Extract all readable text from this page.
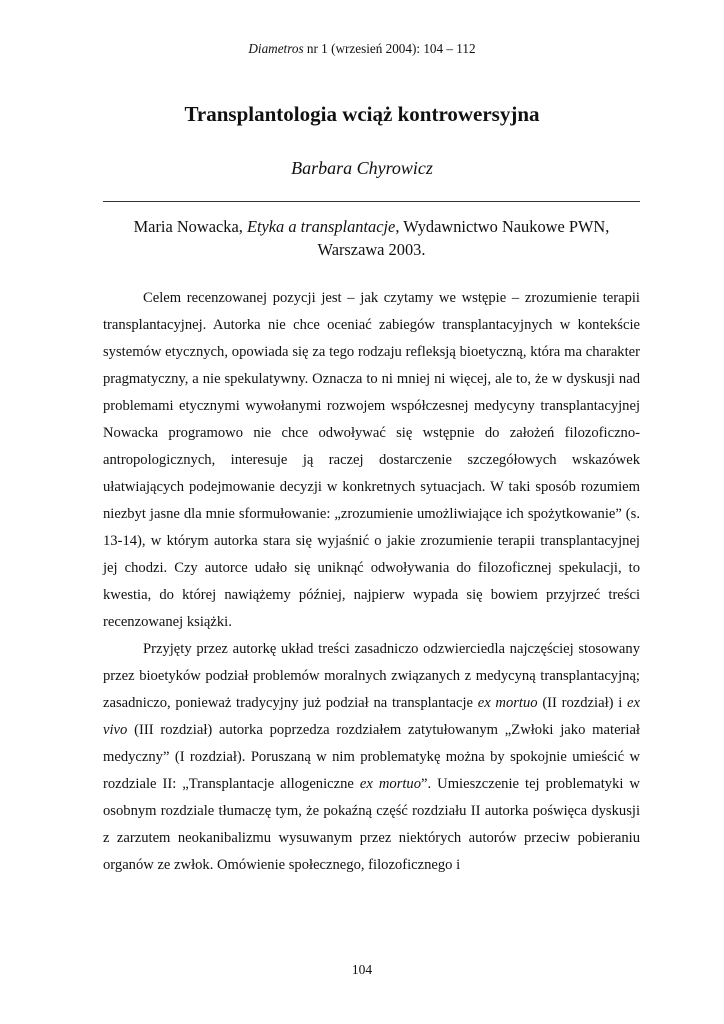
Diametros nr 1 (wrzesień 2004): 104 – 112
Transplantologia wciąż kontrowersyjna
Barbara Chyrowicz
Maria Nowacka, Etyka a transplantacje, Wydawnictwo Naukowe PWN,
Warszawa 2003.

Celem recenzowanej pozycji jest – jak czytamy we wstępie – zrozumienie terapii transplantacyjnej. Autorka nie chce oceniać zabiegów transplantacyjnych w kontekście systemów etycznych, opowiada się za tego rodzaju refleksją bioetyczną, która ma charakter pragmatyczny, a nie spekulatywny. Oznacza to ni mniej ni więcej, ale to, że w dyskusji nad problemami etycznymi wywołanymi rozwojem współczesnej medycyny transplantacyjnej Nowacka programowo nie chce odwoływać się wstępnie do założeń filozoficzno-antropologicznych, interesuje ją raczej dostarczenie szczegółowych wskazówek ułatwiających podejmowanie decyzji w konkretnych sytuacjach. W taki sposób rozumiem niezbyt jasne dla mnie sformułowanie: „zrozumienie umożliwiające ich spożytkowanie” (s. 13-14), w którym autorka stara się wyjaśnić o jakie zrozumienie terapii transplantacyjnej jej chodzi. Czy autorce udało się uniknąć odwoływania do filozoficznej spekulacji, to kwestia, do której nawiążemy później, najpierw wypada się bowiem przyjrzeć treści recenzowanej książki.

Przyjęty przez autorkę układ treści zasadniczo odzwierciedla najczęściej stosowany przez bioetyków podział problemów moralnych związanych z medycyną transplantacyjną; zasadniczo, ponieważ tradycyjny już podział na transplantacje ex mortuo (II rozdział) i ex vivo (III rozdział) autorka poprzedza rozdziałem zatytułowanym „Zwłoki jako materiał medyczny” (I rozdział). Poruszaną w nim problematykę można by spokojnie umieścić w rozdziale II: „Transplantacje allogeniczne ex mortuo”. Umieszczenie tej problematyki w osobnym rozdziale tłumaczę tym, że pokaźną część rozdziału II autorka poświęca dyskusji z zarzutem neokanibalizmu wysuwanym przez niektórych autorów przeciw pobieraniu organów ze zwłok. Omówienie społecznego, filozoficznego i

104
